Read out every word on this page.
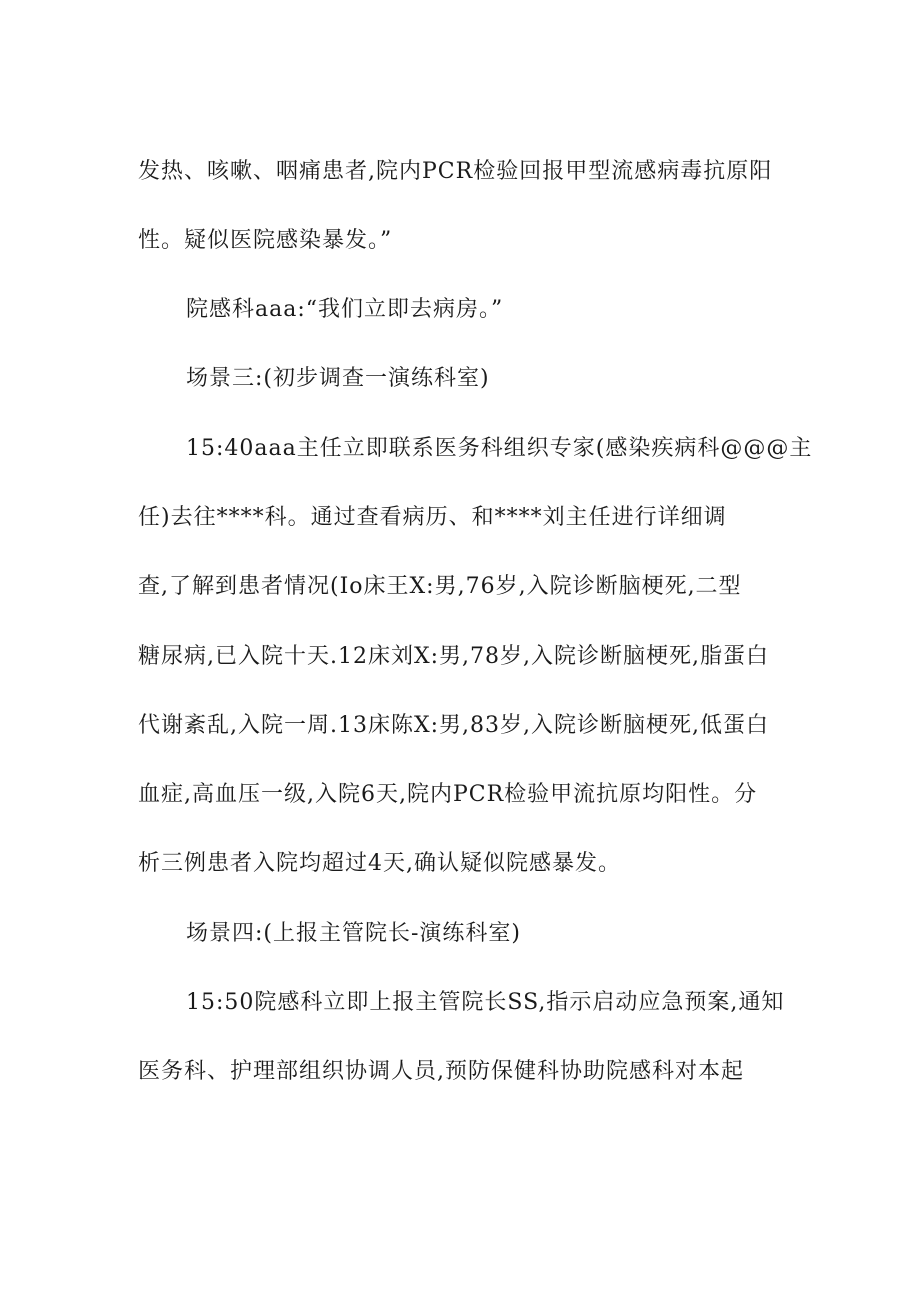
发热、咳嗽、咽痛患者,院内PCR检验回报甲型流感病毒抗原阳
性。疑似医院感染暴发。”
院感科aaa:“我们立即去病房。”
场景三:(初步调查一演练科室)
15:40aaa主任立即联系医务科组织专家(感染疾病科@@@主
任)去往****科。通过查看病历、和****刘主任进行详细调
查,了解到患者情况(Io床王X:男,76岁,入院诊断脑梗死,二型
糖尿病,已入院十天.12床刘X:男,78岁,入院诊断脑梗死,脂蛋白
代谢紊乱,入院一周.13床陈X:男,83岁,入院诊断脑梗死,低蛋白
血症,高血压一级,入院6天,院内PCR检验甲流抗原均阳性。分
析三例患者入院均超过4天,确认疑似院感暴发。
场景四:(上报主管院长-演练科室)
15:50院感科立即上报主管院长SS,指示启动应急预案,通知
医务科、护理部组织协调人员,预防保健科协助院感科对本起
